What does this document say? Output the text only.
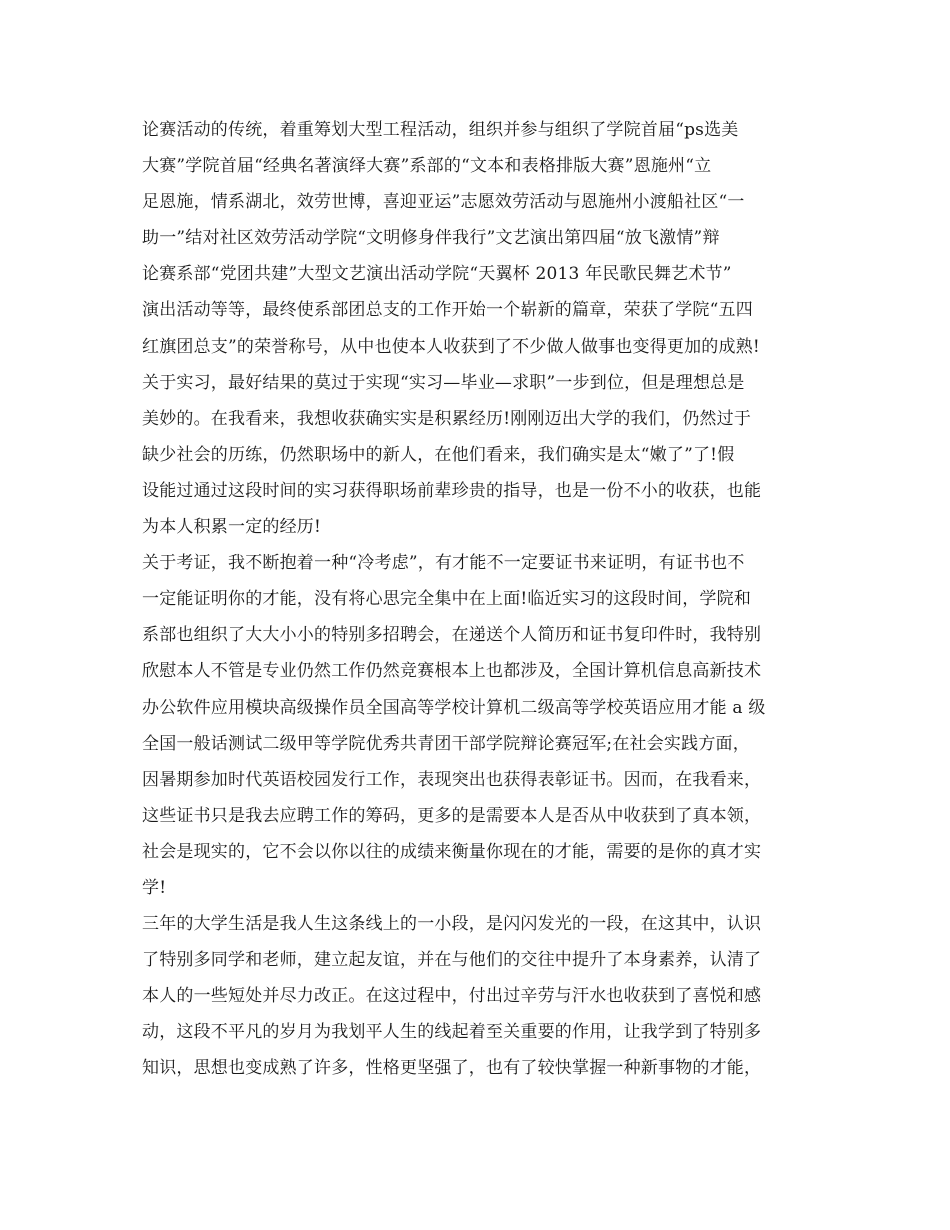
论赛活动的传统，着重筹划大型工程活动，组织并参与组织了学院首届“ps选美
大赛”学院首届“经典名著演绎大赛”系部的“文本和表格排版大赛”恩施州“立
足恩施，情系湖北，效劳世博，喜迎亚运”志愿效劳活动与恩施州小渡船社区“一
助一”结对社区效劳活动学院“文明修身伴我行”文艺演出第四届“放飞激情”辩
论赛系部“党团共建”大型文艺演出活动学院“天翼杯 2013 年民歌民舞艺术节”
演出活动等等，最终使系部团总支的工作开始一个崭新的篇章，荣获了学院“五四
红旗团总支”的荣誉称号，从中也使本人收获到了不少做人做事也变得更加的成熟!
关于实习，最好结果的莫过于实现“实习—毕业—求职”一步到位，但是理想总是
美妙的。在我看来，我想收获确实实是积累经历!刚刚迈出大学的我们，仍然过于
缺少社会的历练，仍然职场中的新人，在他们看来，我们确实是太“嫩了”了!假
设能过通过这段时间的实习获得职场前辈珍贵的指导，也是一份不小的收获，也能
为本人积累一定的经历!
关于考证，我不断抱着一种“冷考虑”，有才能不一定要证书来证明，有证书也不
一定能证明你的才能，没有将心思完全集中在上面!临近实习的这段时间，学院和
系部也组织了大大小小的特别多招聘会，在递送个人简历和证书复印件时，我特别
欣慰本人不管是专业仍然工作仍然竞赛根本上也都涉及，全国计算机信息高新技术
办公软件应用模块高级操作员全国高等学校计算机二级高等学校英语应用才能 a 级
全国一般话测试二级甲等学院优秀共青团干部学院辩论赛冠军;在社会实践方面，
因暑期参加时代英语校园发行工作，表现突出也获得表彰证书。因而，在我看来，
这些证书只是我去应聘工作的筹码，更多的是需要本人是否从中收获到了真本领，
社会是现实的，它不会以你以往的成绩来衡量你现在的才能，需要的是你的真才实
学!
三年的大学生活是我人生这条线上的一小段，是闪闪发光的一段，在这其中，认识
了特别多同学和老师，建立起友谊，并在与他们的交往中提升了本身素养，认清了
本人的一些短处并尽力改正。在这过程中，付出过辛劳与汗水也收获到了喜悦和感
动，这段不平凡的岁月为我划平人生的线起着至关重要的作用，让我学到了特别多
知识，思想也变成熟了许多，性格更坚强了，也有了较快掌握一种新事物的才能，
